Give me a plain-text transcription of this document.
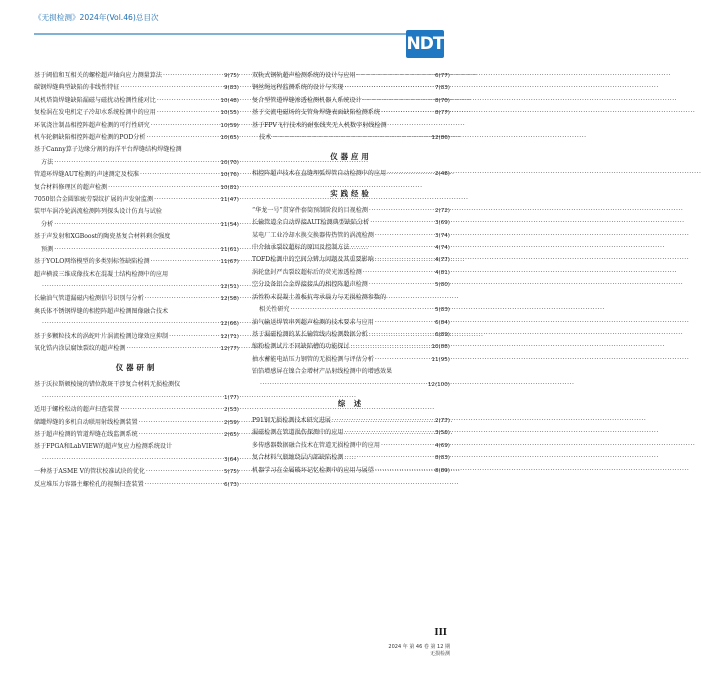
《无损检测》2024年(Vol.46)总目次
NDT
基于阈值和互相关的螺栓超声轴向应力测量算法 ·····	9(75)
碳钢焊缝典型缺陷的非线性特征 ·····	9(83)
风机塔筒焊缝缺陷漏磁与磁扰动检测性能对比 ·····	10(48)
复检涡在发电机定子冷却水系统检测中的应用 ·····	10(55)
环氧浇注制品相控阵超声检测的可行性研究 ·····	10(59)
机车轮辋缺陷相控阵超声检测的POD分析 ·····	10(65)
基于Canny算子边缘分割的海洋平台焊缝结构焊缝检测
方法 ·····	10(70)
管道环焊缝AUT检测的声速测定及校准 ·····	10(76)
复合材料修理区的超声检测 ·····	10(81)
7050铝合金圆锥疲劳裂纹扩展的声发射监测 ·····	11(47)
装甲车涡冷轮涡流检测阵列探头设计仿真与试验
分析 ·····	11(54)
基于声发射和XGBoost的陶瓷基复合材料剩余强度
预测 ·····	11(61)
基于YOLO网络模型的多类别标签缺陷检测 ·····	11(67)
超声横波三维成像技术在混凝土结构检测中的应用
·····
12(51)
长输油气管道漏磁内检测信号识别与分析 ·····	12(58)
奥氏体不锈钢焊缝的相控阵超声检测图像融合技术
·····
12(66)
基于多颗粒技术的涡蛇叶片涡流检测边缘效应抑制 ·····	12(71)
氧化锆内涂层腐蚀裂纹的超声检测 ·····	12(77)
仪器研制
基于沃拉斯顿棱镜的错位散斑干涉复合材料无损检测仪
·····
1(77)
适用于螺栓松动的超声扫查装置 ·····	2(53)
储罐焊缝的多机自动联用射线检测装置 ·····	2(59)
基于超声检测的管道焊缝在线监测系统 ·····	2(65)
基于FPGA和LabVIEW的超声复应力检测系统设计
·····
3(64)
一种基于ASME V的管状校准试块的优化 ·····	5(75)
反应堆压力容器主螺栓孔的视频扫查装置 ·····	6(73)
双轨式钢轨超声检测系统的设计与应用 ·····	6(77)
钢丝绳远程监测系统的设计与实现 ·····	7(83)
复合型管道焊缝渗透检测机器人系统设计 ·····	8(70)
基于交流电磁场的支管角焊缝表面缺陷检测系统 ·····	8(77)
基于FPV飞行技术的耐张线夹无人机数字射线检测
技术 ·····	12(86)
仪器应用
相控阵超声技术在直缝埋弧焊管自动检测中的应用 ·····	2(48)
实践经验
“华龙一号”贯穿件套筒预制阶段的目视检测 ·····	2(72)
长输管道全自动焊接AUT检测典型缺陷分析 ·····	3(69)
某电厂工业冷却水换交换器传热管的涡流检测 ·····	3(74)
中介轴承裂纹超标的原因及控制方法 ·····	4(74)
TOFD检测中的空间分辨力问题及其重要影响 ·····	4(77)
涡轮盘封严齿裂纹超标后的荧光渗透检测 ·····	4(81)
空分设备铝合金焊接接头的相控阵超声检测 ·····	5(80)
活性粉末混凝土盖板抗弯承载力与无损检测参数的
相关性研究 ·····	5(83)
油气输送焊管串列超声检测的技术要求与应用 ·····	6(84)
基于漏磁检测的某长输管线内检测数据分析 ·····	6(89)
缩粉检测试片不同缺陷槽的功能探讨 ·····	10(88)
抽水蓄能电站压力钢管的无损检测与评估分析 ·····	11(95)
铂箔增感屏在镍合金增材产品射线检测中的增感效果
·····
12(100)
综 述
P91钢无损检测技术研究进展 ·····	2(77)
漏磁检测在管道损伤探测中的应用 ·····	3(56)
多传感器数据融合技术在管道无损检测中的应用 ·····	4(69)
复合材料气瓶缠绕层内部缺陷检测 ·····	8(83)
机器学习在金属破坏记忆检测中的应用与展望 ·····	8(89)
III
2024 年 第 46 卷 第 12 期
无损检测
